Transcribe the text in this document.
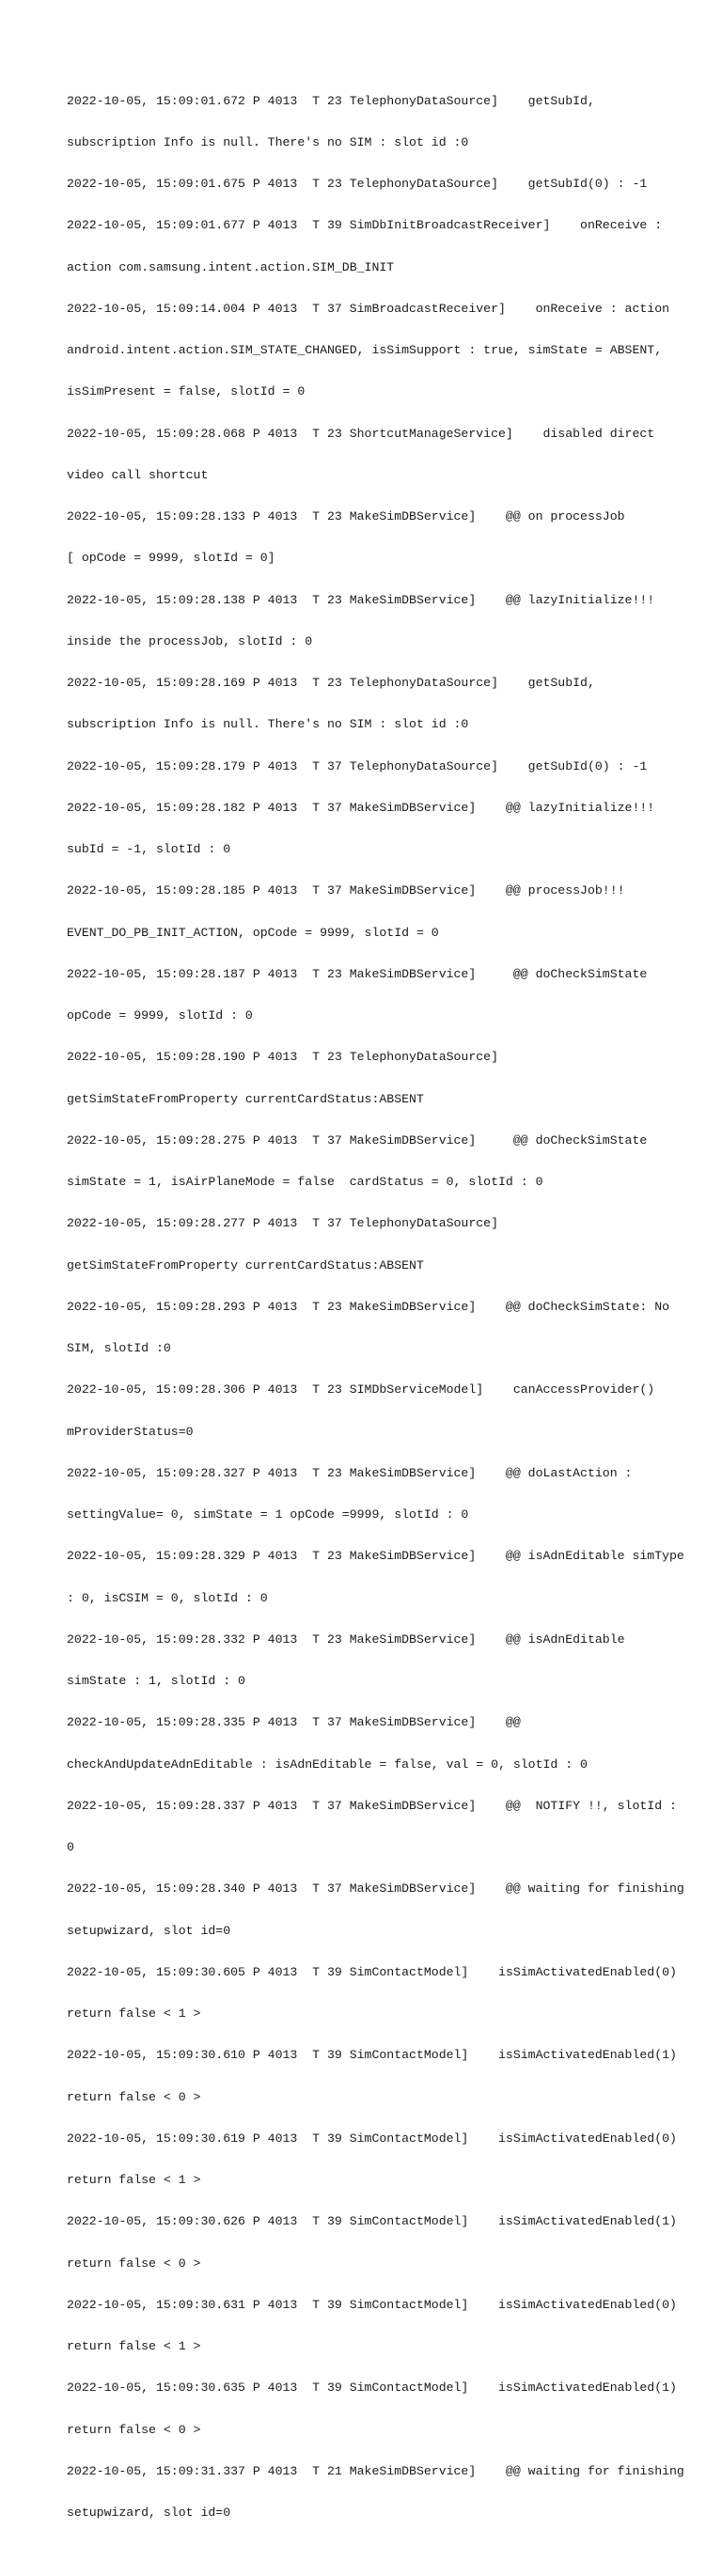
2022-10-05, 15:09:01.672 P 4013  T 23 TelephonyDataSource]    getSubId,

subscription Info is null. There's no SIM : slot id :0

2022-10-05, 15:09:01.675 P 4013  T 23 TelephonyDataSource]    getSubId(0) : -1

2022-10-05, 15:09:01.677 P 4013  T 39 SimDbInitBroadcastReceiver]    onReceive :

action com.samsung.intent.action.SIM_DB_INIT

2022-10-05, 15:09:14.004 P 4013  T 37 SimBroadcastReceiver]    onReceive : action

android.intent.action.SIM_STATE_CHANGED, isSimSupport : true, simState = ABSENT,

isSimPresent = false, slotId = 0

2022-10-05, 15:09:28.068 P 4013  T 23 ShortcutManageService]    disabled direct

video call shortcut

2022-10-05, 15:09:28.133 P 4013  T 23 MakeSimDBService]    @@ on processJob

[ opCode = 9999, slotId = 0]

2022-10-05, 15:09:28.138 P 4013  T 23 MakeSimDBService]    @@ lazyInitialize!!!

inside the processJob, slotId : 0

2022-10-05, 15:09:28.169 P 4013  T 23 TelephonyDataSource]    getSubId,

subscription Info is null. There's no SIM : slot id :0

2022-10-05, 15:09:28.179 P 4013  T 37 TelephonyDataSource]    getSubId(0) : -1

2022-10-05, 15:09:28.182 P 4013  T 37 MakeSimDBService]    @@ lazyInitialize!!!

subId = -1, slotId : 0

2022-10-05, 15:09:28.185 P 4013  T 37 MakeSimDBService]    @@ processJob!!!

EVENT_DO_PB_INIT_ACTION, opCode = 9999, slotId = 0

2022-10-05, 15:09:28.187 P 4013  T 23 MakeSimDBService]     @@ doCheckSimState

opCode = 9999, slotId : 0

2022-10-05, 15:09:28.190 P 4013  T 23 TelephonyDataSource]

getSimStateFromProperty currentCardStatus:ABSENT

2022-10-05, 15:09:28.275 P 4013  T 37 MakeSimDBService]     @@ doCheckSimState

simState = 1, isAirPlaneMode = false  cardStatus = 0, slotId : 0

2022-10-05, 15:09:28.277 P 4013  T 37 TelephonyDataSource]

getSimStateFromProperty currentCardStatus:ABSENT

2022-10-05, 15:09:28.293 P 4013  T 23 MakeSimDBService]    @@ doCheckSimState: No

SIM, slotId :0

2022-10-05, 15:09:28.306 P 4013  T 23 SIMDbServiceModel]    canAccessProvider()

mProviderStatus=0

2022-10-05, 15:09:28.327 P 4013  T 23 MakeSimDBService]    @@ doLastAction :

settingValue= 0, simState = 1 opCode =9999, slotId : 0

2022-10-05, 15:09:28.329 P 4013  T 23 MakeSimDBService]    @@ isAdnEditable simType

: 0, isCSIM = 0, slotId : 0

2022-10-05, 15:09:28.332 P 4013  T 23 MakeSimDBService]    @@ isAdnEditable

simState : 1, slotId : 0

2022-10-05, 15:09:28.335 P 4013  T 37 MakeSimDBService]    @@

checkAndUpdateAdnEditable : isAdnEditable = false, val = 0, slotId : 0

2022-10-05, 15:09:28.337 P 4013  T 37 MakeSimDBService]    @@  NOTIFY !!, slotId :

0

2022-10-05, 15:09:28.340 P 4013  T 37 MakeSimDBService]    @@ waiting for finishing

setupwizard, slot id=0

2022-10-05, 15:09:30.605 P 4013  T 39 SimContactModel]    isSimActivatedEnabled(0)

return false < 1 >

2022-10-05, 15:09:30.610 P 4013  T 39 SimContactModel]    isSimActivatedEnabled(1)

return false < 0 >

2022-10-05, 15:09:30.619 P 4013  T 39 SimContactModel]    isSimActivatedEnabled(0)

return false < 1 >

2022-10-05, 15:09:30.626 P 4013  T 39 SimContactModel]    isSimActivatedEnabled(1)

return false < 0 >

2022-10-05, 15:09:30.631 P 4013  T 39 SimContactModel]    isSimActivatedEnabled(0)

return false < 1 >

2022-10-05, 15:09:30.635 P 4013  T 39 SimContactModel]    isSimActivatedEnabled(1)

return false < 0 >

2022-10-05, 15:09:31.337 P 4013  T 21 MakeSimDBService]    @@ waiting for finishing

setupwizard, slot id=0
